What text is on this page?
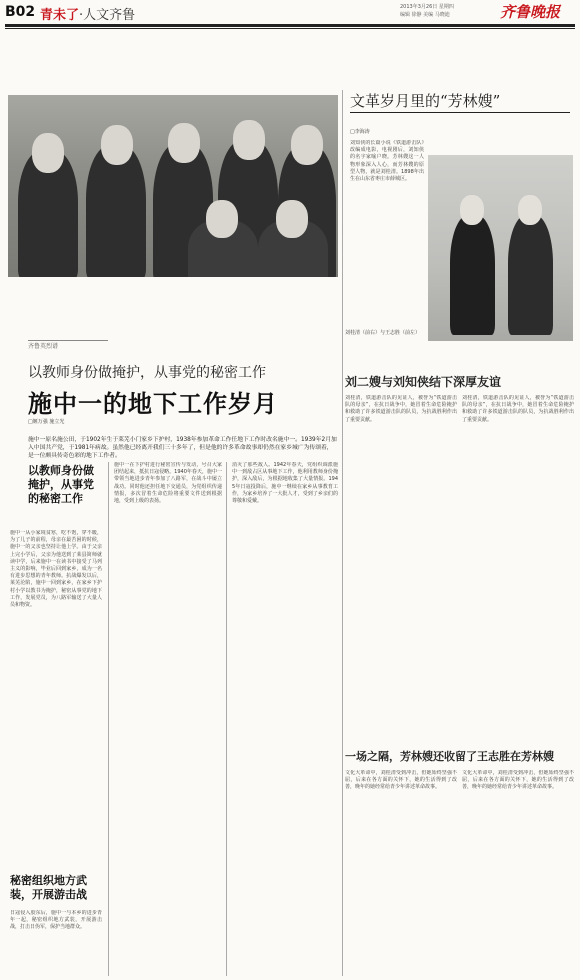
B02 青未了·人文齐鲁
2013年3月26日 星期四
编辑 徐静 美编 马晓迪	齐鲁晚报
齐鲁英烈谱
以教师身份做掩护，从事党的秘密工作
施中一的地下工作岁月
□姬万强 施立光
施中一原名施公田，于1902年生于莱芜小门家乡下护村，1938年参加革命工作任地下工作时改名施中一。1939年2月加入中国共产党，于1981年病故。虽然他已经离开我们三十多年了，但是他的许多革命故事却仍然在家乡城广为传颂着，是一位颇具传奇色彩的地下工作者。
以教师身份做掩护，从事党的秘密工作
施中一从小家境贫寒，吃不饱，穿不暖，为了儿子的前程，母亲在最苦困的时候，施中一的父亲也坚持让他上学。由于父亲上完小学后，父亲为他送到了莱县简师就读中学，后来施中一在读书中接受了马列主义的影响，毕业后回到家乡，成为一名有进步思想的青年教师。抗战爆发以后，莱芜沦陷，施中一回到家乡，在家乡下护村小学以教书为掩护，秘密从事党的地下工作，发展党员，为八路军输送了大量人员和物资。
秘密组织地方武装，开展游击战
日寇侵入胶东后，施中一与本乡的进步青年一起，秘密组织地方武装，开展游击战，打击日伪军，保护当地群众。
施中一在下护村进行秘密宣传与发动，号召大家团结起来，抵抗日寇侵略。1940年春天，施中一带领当地进步青年参加了八路军，在战斗中屡立战功。同时他还担任地下交通员，为党组织传递情报，多次冒着生命危险将重要文件送到根据地，受到上级的表扬。
消灭了那些敌人。1942年春天，党组织调派施中一到敌占区从事地下工作，他利用教师身份掩护，深入敌后，为根据地收集了大量情报。1945年日寇投降后，施中一继续在家乡从事教育工作，为家乡培养了一大批人才，受到了乡亲们的尊敬和爱戴。
文革岁月里的“芳林嫂”
□李海涛
刘知侠的长篇小说《铁道游击队》改编成电影，电视剧后，刘知侠的名字家喻户晓。芳林嫂这一人物形象深入人心，而芳林嫂的原型人物，就是刘桂清。1898年出生在山东省枣庄市薛城区。
刘桂清（前右）与王志胜（前左）
刘二嫂与刘知侠结下深厚友谊
刘桂清，铁道游击队的见证人，被誉为“铁道游击队的母亲”，在抗日战争中，她冒着生命危险掩护和救助了许多铁道游击队的队员，为抗战胜利作出了重要贡献。
刘桂清，铁道游击队的见证人，被誉为“铁道游击队的母亲”，在抗日战争中，她冒着生命危险掩护和救助了许多铁道游击队的队员，为抗战胜利作出了重要贡献。
一场之隔，芳林嫂还收留了王志胜在芳林嫂
文化大革命中，刘桂清受到冲击，但她始终坚强不屈，后来在各方面的关怀下，她的生活得到了改善，晚年的她经常给青少年讲述革命故事。
文化大革命中，刘桂清受到冲击，但她始终坚强不屈，后来在各方面的关怀下，她的生活得到了改善，晚年的她经常给青少年讲述革命故事。
